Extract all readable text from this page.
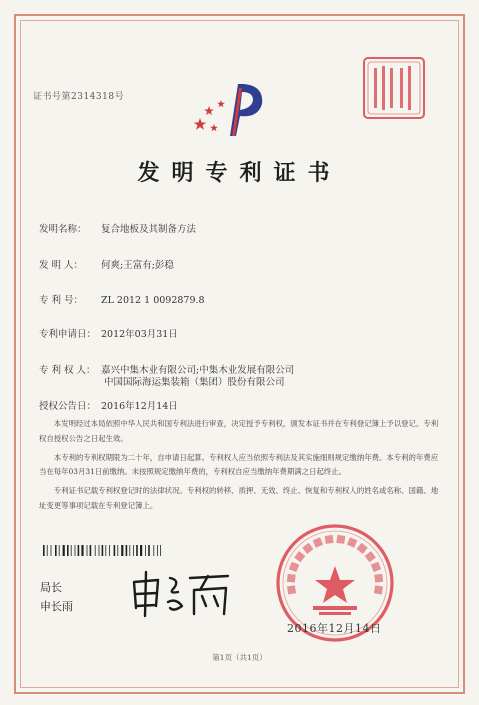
证书号第2314318号
发明专利证书
发明名称： 复合地板及其制备方法
发 明 人： 何爽;王富有;彭稳
专 利 号： ZL 2012 1 0092879.8
专利申请日： 2012年03月31日
专 利 权 人： 嘉兴中集木业有限公司;中集木业发展有限公司
中国国际海运集装箱（集团）股份有限公司
授权公告日： 2016年12月14日

本发明经过本局依照中华人民共和国专利法进行审查，决定授予专利权，颁发本证书并在专利登记簿上予以登记。专利权自授权公告之日起生效。

本专利的专利权期限为二十年，自申请日起算。专利权人应当依照专利法及其实施细则规定缴纳年费。本专利的年费应当在每年03月31日前缴纳。未按照规定缴纳年费的，专利权自应当缴纳年费期满之日起终止。

专利证书记载专利权登记时的法律状况。专利权的转移、质押、无效、终止、恢复和专利权人的姓名或名称、国籍、地址变更等事项记载在专利登记簿上。

局长
申长雨
2016年12月14日
第1页（共1页）
